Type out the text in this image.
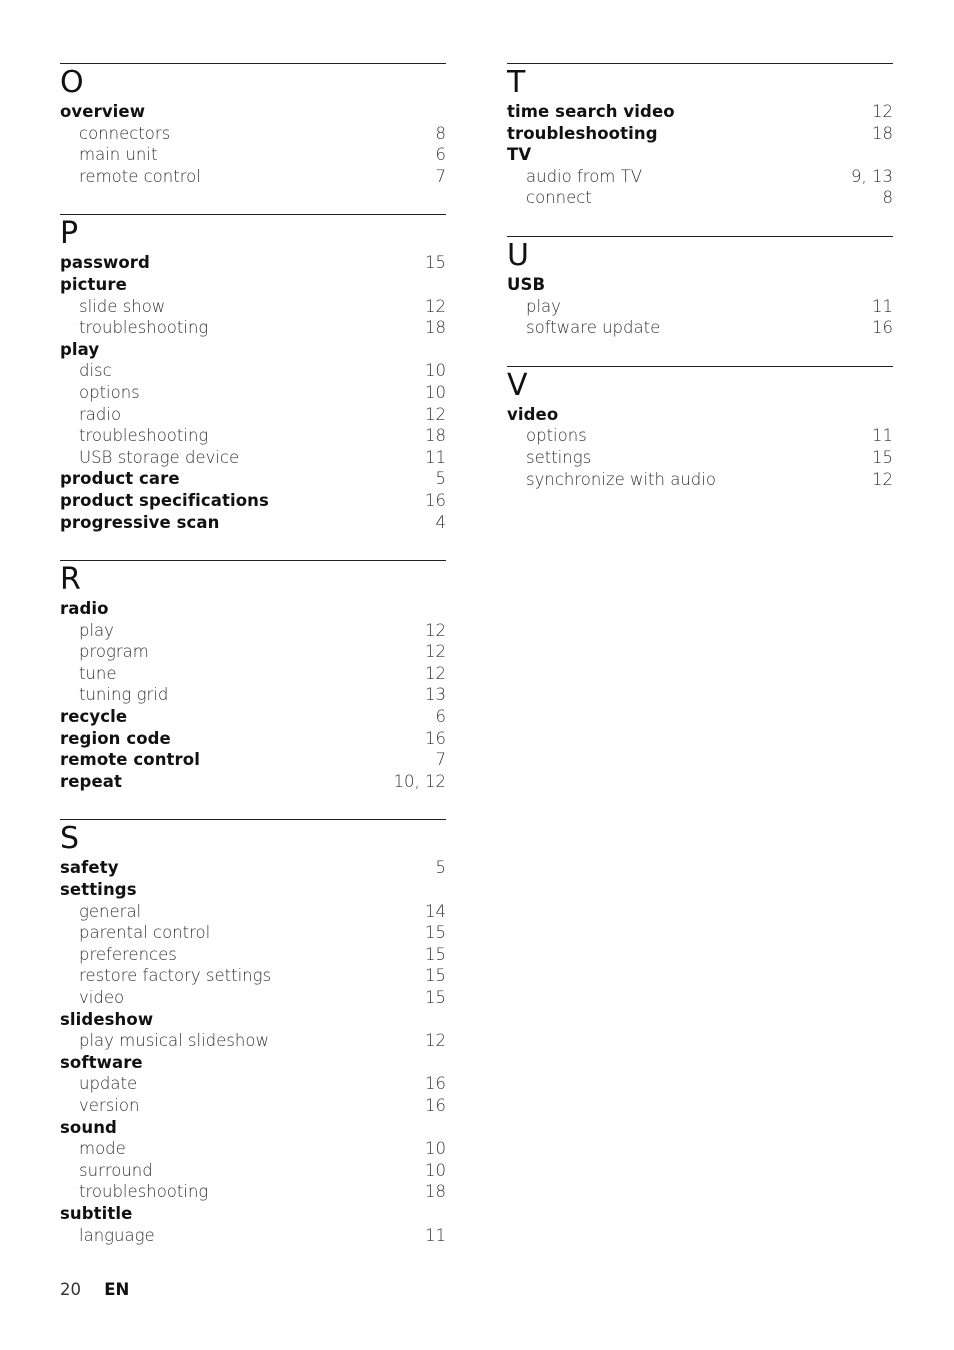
O
overview
connectors	8
main unit	6
remote control	7
P
password	15
picture
slide show	12
troubleshooting	18
play
disc	10
options	10
radio	12
troubleshooting	18
USB storage device	11
product care	5
product specifications	16
progressive scan	4
R
radio
play	12
program	12
tune	12
tuning grid	13
recycle	6
region code	16
remote control	7
repeat	10, 12
S
safety	5
settings
general	14
parental control	15
preferences	15
restore factory settings	15
video	15
slideshow
play musical slideshow	12
software
update	16
version	16
sound
mode	10
surround	10
troubleshooting	18
subtitle
language	11
T
time search video	12
troubleshooting	18
TV
audio from TV	9, 13
connect	8
U
USB
play	11
software update	16
V
video
options	11
settings	15
synchronize with audio	12
20 EN
